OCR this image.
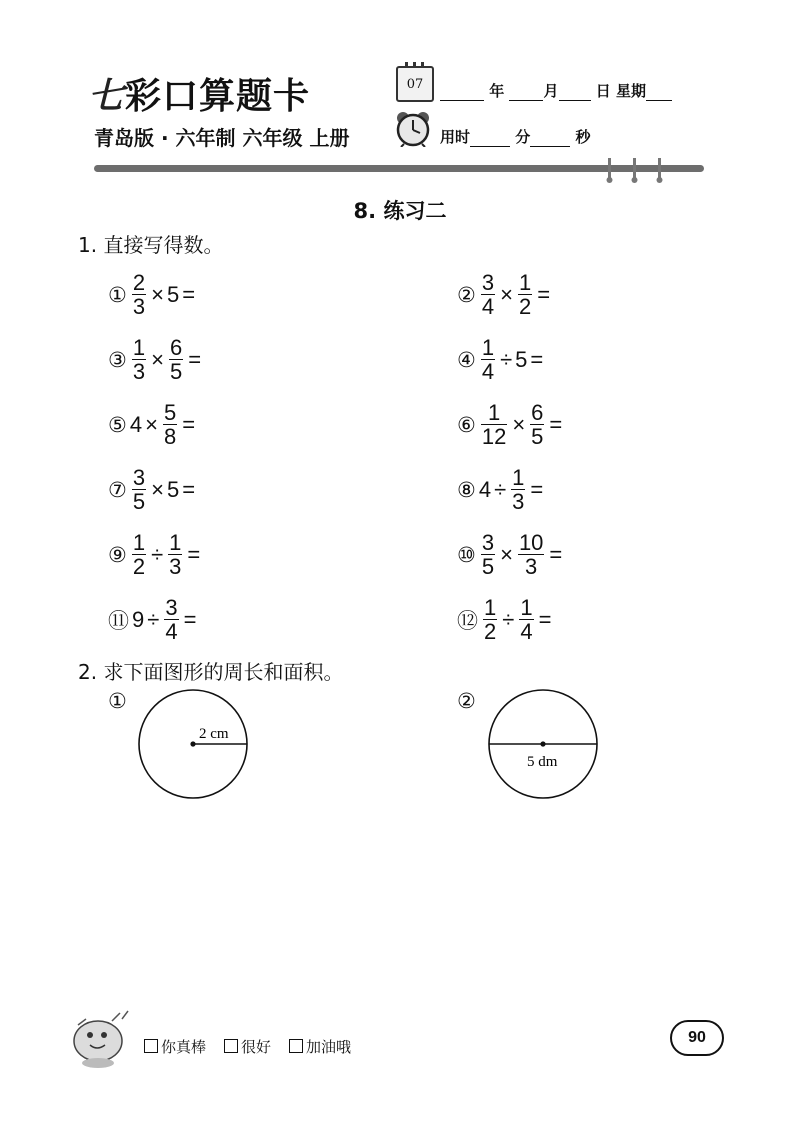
七彩口算题卡
青岛版 · 六年制 六年级 上册
07	年	月 日 星期
用时	分	秒
8. 练习二
1. 直接写得数。
① $\frac{2}{3} \times 5$ =	② $\frac{3}{4} \times \frac{1}{2}$ =
③ $\frac{1}{3} \times \frac{6}{5}$ =	④ $\frac{1}{4} \div 5$ =
⑤ $4 \times \frac{5}{8}$ =	⑥ $\frac{1}{12} \times \frac{6}{5}$ =
⑦ $\frac{3}{5} \times 5$ =	⑧ $4 \div \frac{1}{3}$ =
⑨ $\frac{1}{2} \div \frac{1}{3}$ =	⑩ $\frac{3}{5} \times \frac{10}{3}$ =
⑪ $9 \div \frac{3}{4}$ =	⑫ $\frac{1}{2} \div \frac{1}{4}$ =
2. 求下面图形的周长和面积。
①	②
2 cm
5 dm
你真棒	很好	加油哦
90
